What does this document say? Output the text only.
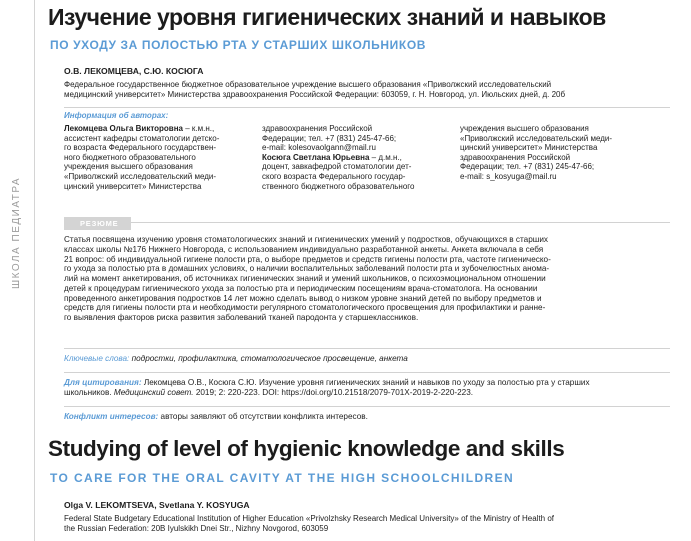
ШКОЛА ПЕДИАТРА
Изучение уровня гигиенических знаний и навыков
ПО УХОДУ ЗА ПОЛОСТЬЮ РТА У СТАРШИХ ШКОЛЬНИКОВ
О.В. ЛЕКОМЦЕВА, С.Ю. КОСЮГА
Федеральное государственное бюджетное образовательное учреждение высшего образования «Приволжский исследовательский
медицинский университет» Министерства здравоохранения Российской Федерации: 603059, г. Н. Новгород, ул. Июльских дней, д. 20б
Информация об авторах:

Лекомцева Ольга Викторовна – к.м.н.,

ассистент кафедры стоматологии детско-

го возраста Федерального государствен-

ного бюджетного образовательного

учреждения высшего образования

«Приволжский исследовательский меди-

цинский университет» Министерства

здравоохранения Российской

Федерации; тел. +7 (831) 245-47-66;

e-mail: kolesovaolgann@mail.ru

Косюга Светлана Юрьевна – д.м.н.,

доцент, завкафедрой стоматологии дет-

ского возраста Федерального государ-

ственного бюджетного образовательного

учреждения высшего образования

«Приволжский исследовательский меди-

цинский университет» Министерства

здравоохранения Российской

Федерации; тел. +7 (831) 245-47-66;

e-mail: s_kosyuga@mail.ru

РЕЗЮМЕ

Статья посвящена изучению уровня стоматологических знаний и гигиенических умений у подростков, обучающихся в старших

классах школы №176 Нижнего Новгорода, с использованием индивидуально разработанной анкеты. Анкета включала в себя

21 вопрос: об индивидуальной гигиене полости рта, о выборе предметов и средств гигиены полости рта, частоте гигиеническо-

го ухода за полостью рта в домашних условиях, о наличии воспалительных заболеваний полости рта и зубочелюстных анома-

лий на момент анкетирования, об источниках гигиенических знаний и умений школьников, о психоэмоциональном отношении

детей к процедурам гигиенического ухода за полостью рта и периодическим посещениям врача-стоматолога. На основании

проведенного анкетирования подростков 14 лет можно сделать вывод о низком уровне знаний детей по выбору предметов и

средств для гигиены полости рта и необходимости регулярного стоматологического просвещения для профилактики и ранне-

го выявления факторов риска развития заболеваний тканей пародонта у старшеклассников.

Ключевые слова: подростки, профилактика, стоматологическое просвещение, анкета
Для цитирования: Лекомцева О.В., Косюга С.Ю. Изучение уровня гигиенических знаний и навыков по уходу за полостью рта у старших
школьников. Медицинский совет. 2019; 2: 220-223. DOI: https://doi.org/10.21518/2079-701X-2019-2-220-223.
Конфликт интересов: авторы заявляют об отсутствии конфликта интересов.
Studying of level of hygienic knowledge and skills
TO CARE FOR THE ORAL CAVITY AT THE HIGH SCHOOLCHILDREN
Olga V. LEKOMTSEVA, Svetlana Y. KOSYUGA
Federal State Budgetary Educational Institution of Higher Education «Privolzhsky Research Medical University» of the Ministry of Health of
the Russian Federation: 20B Iyulskikh Dnei Str., Nizhny Novgorod, 603059
